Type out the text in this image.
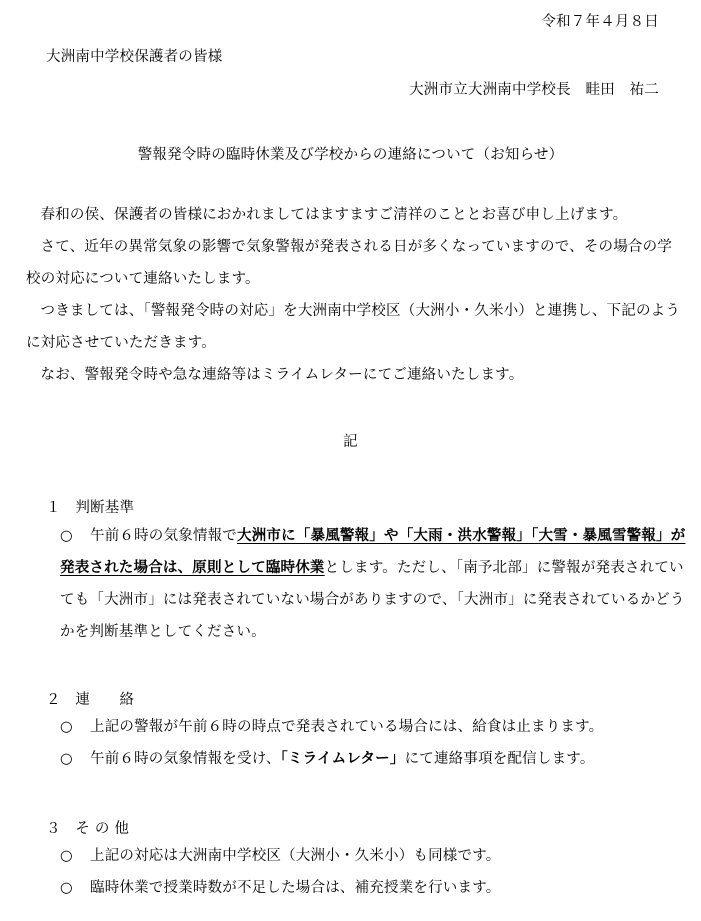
令和７年４月８日
大洲南中学校保護者の皆様
大洲市立大洲南中学校長　畦田　祐二
警報発令時の臨時休業及び学校からの連絡について（お知らせ）
春和の侯、保護者の皆様におかれましてはますますご清祥のこととお喜び申し上げます。
さて、近年の異常気象の影響で気象警報が発表される日が多くなっていますので、その場合の学校の対応について連絡いたします。
つきましては、「警報発令時の対応」を大洲南中学校区（大洲小・久米小）と連携し、下記のように対応させていただきます。
なお、警報発令時や急な連絡等はミライムレターにてご連絡いたします。
記
１　判断基準
○ 午前６時の気象情報で大洲市に「暴風警報」や「大雨・洪水警報」「大雪・暴風雪警報」が発表された場合は、原則として臨時休業とします。ただし、「南予北部」に警報が発表されていても「大洲市」には発表されていない場合がありますので、「大洲市」に発表されているかどうかを判断基準としてください。
２　連　　絡
○ 上記の警報が午前６時の時点で発表されている場合には、給食は止まります。
○ 午前６時の気象情報を受け、「ミライムレター」にて連絡事項を配信します。
３　そ の 他
○ 上記の対応は大洲南中学校区（大洲小・久米小）も同様です。
○ 臨時休業で授業時数が不足した場合は、補充授業を行います。
